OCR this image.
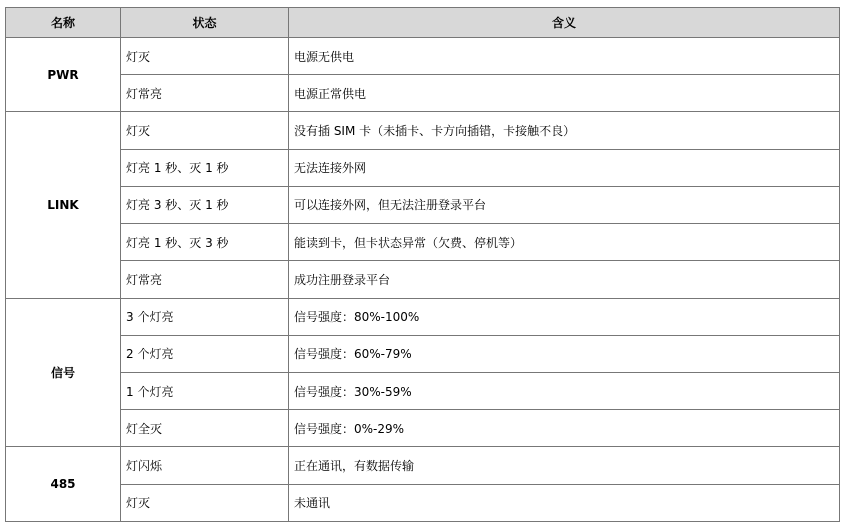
名称	状态	含义
PWR	灯灭	电源无供电
	灯常亮	电源正常供电
LINK	灯灭	没有插 SIM 卡（未插卡、卡方向插错，卡接触不良）
	灯亮 1 秒、灭 1 秒	无法连接外网
	灯亮 3 秒、灭 1 秒	可以连接外网，但无法注册登录平台
	灯亮 1 秒、灭 3 秒	能读到卡，但卡状态异常（欠费、停机等）
	灯常亮	成功注册登录平台
信号	3 个灯亮	信号强度：80%-100%
	2 个灯亮	信号强度：60%-79%
	1 个灯亮	信号强度：30%-59%
	灯全灭	信号强度：0%-29%
485	灯闪烁	正在通讯，有数据传输
	灯灭	未通讯
